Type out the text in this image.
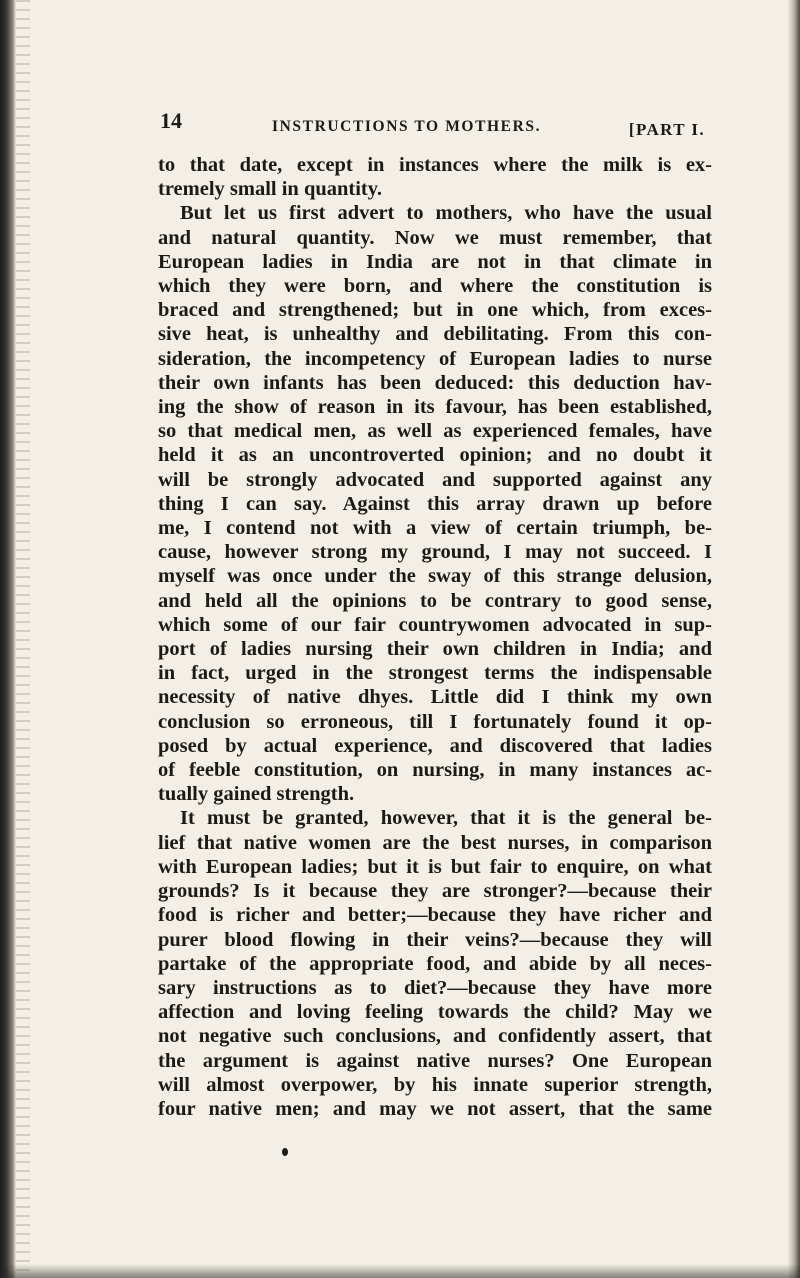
14	INSTRUCTIONS TO MOTHERS.	[PART I.
to that date, except in instances where the milk is ex-
tremely small in quantity.
But let us first advert to mothers, who have the usual
and natural quantity. Now we must remember, that
European ladies in India are not in that climate in
which they were born, and where the constitution is
braced and strengthened; but in one which, from exces-
sive heat, is unhealthy and debilitating. From this con-
sideration, the incompetency of European ladies to nurse
their own infants has been deduced: this deduction hav-
ing the show of reason in its favour, has been established,
so that medical men, as well as experienced females, have
held it as an uncontroverted opinion; and no doubt it
will be strongly advocated and supported against any
thing I can say. Against this array drawn up before
me, I contend not with a view of certain triumph, be-
cause, however strong my ground, I may not succeed. I
myself was once under the sway of this strange delusion,
and held all the opinions to be contrary to good sense,
which some of our fair countrywomen advocated in sup-
port of ladies nursing their own children in India; and
in fact, urged in the strongest terms the indispensable
necessity of native dhyes. Little did I think my own
conclusion so erroneous, till I fortunately found it op-
posed by actual experience, and discovered that ladies
of feeble constitution, on nursing, in many instances ac-
tually gained strength.
It must be granted, however, that it is the general be-
lief that native women are the best nurses, in comparison
with European ladies; but it is but fair to enquire, on what
grounds? Is it because they are stronger?—because their
food is richer and better;—because they have richer and
purer blood flowing in their veins?—because they will
partake of the appropriate food, and abide by all neces-
sary instructions as to diet?—because they have more
affection and loving feeling towards the child? May we
not negative such conclusions, and confidently assert, that
the argument is against native nurses? One European
will almost overpower, by his innate superior strength,
four native men; and may we not assert, that the same
